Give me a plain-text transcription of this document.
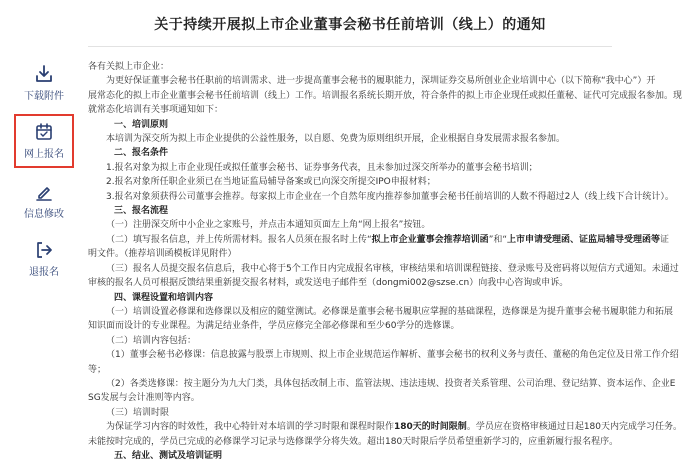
关于持续开展拟上市企业董事会秘书任前培训（线上）的通知
下载附件
网上报名
信息修改
退报名

各有关拟上市企业：

为更好保证董事会秘书任职前的培训需求、进一步提高董事会秘书的履职能力，深圳证券交易所创业企业培训中心（以下简称“我中心”）开

展常态化的拟上市企业董事会秘书任前培训（线上）工作。培训报名系统长期开放，符合条件的拟上市企业现任或拟任董秘、证代可完成报名参加。现

就常态化培训有关事项通知如下：

一、培训原则

本培训为深交所为拟上市企业提供的公益性服务，以自愿、免费为原则组织开展，企业根据自身发展需求报名参加。

二、报名条件

1.报名对象为拟上市企业现任或拟任董事会秘书、证券事务代表，且未参加过深交所举办的董事会秘书培训；

2.报名对象所任职企业须已在当地证监局辅导备案或已向深交所提交IPO申报材料；

3.报名对象须获得公司董事会推荐。每家拟上市企业在一个自然年度内推荐参加董事会秘书任前培训的人数不得超过2人（线上线下合计统计）。

三、报名流程

（一）注册深交所中小企业之家账号，并点击本通知页面左上角“网上报名”按钮。

（二）填写报名信息，并上传所需材料。报名人员须在报名时上传“拟上市企业董事会推荐培训函”和“上市申请受理函、证监局辅导受理函等证

明文件。（推荐培训函模板详见附件）

（三）报名人员提交报名信息后，我中心将于5个工作日内完成报名审核，审核结果和培训课程链接、登录账号及密码将以短信方式通知。未通过

审核的报名人员可根据反馈结果重新提交报名材料，或发送电子邮件至（dongmi002@szse.cn）向我中心咨询或申诉。

四、课程设置和培训内容

（一）培训设置必修课和选修课以及相应的随堂测试。必修课是董事会秘书履职应掌握的基础课程，选修课是为提升董事会秘书履职能力和拓展

知识面而设计的专业课程。为满足结业条件，学员应修完全部必修课和至少60学分的选修课。

（二）培训内容包括：

（1）董事会秘书必修课：信息披露与股票上市规则、拟上市企业规范运作解析、董事会秘书的权利义务与责任、董秘的角色定位及日常工作介绍

等；

（2）各类选修课：按主题分为九大门类，具体包括改制上市、监管法规、违法违规、投资者关系管理、公司治理、登记结算、资本运作、企业E

SG发展与会计准则等内容。

（三）培训时限

为保证学习内容的时效性，我中心特针对本培训的学习时限和课程时限作180天的时间限制。学员应在资格审核通过日起180天内完成学习任务。

未能按时完成的，学员已完成的必修课学习记录与选修课学分将失效。超出180天时限后学员希望重新学习的，应重新履行报名程序。

五、结业、测试及培训证明
